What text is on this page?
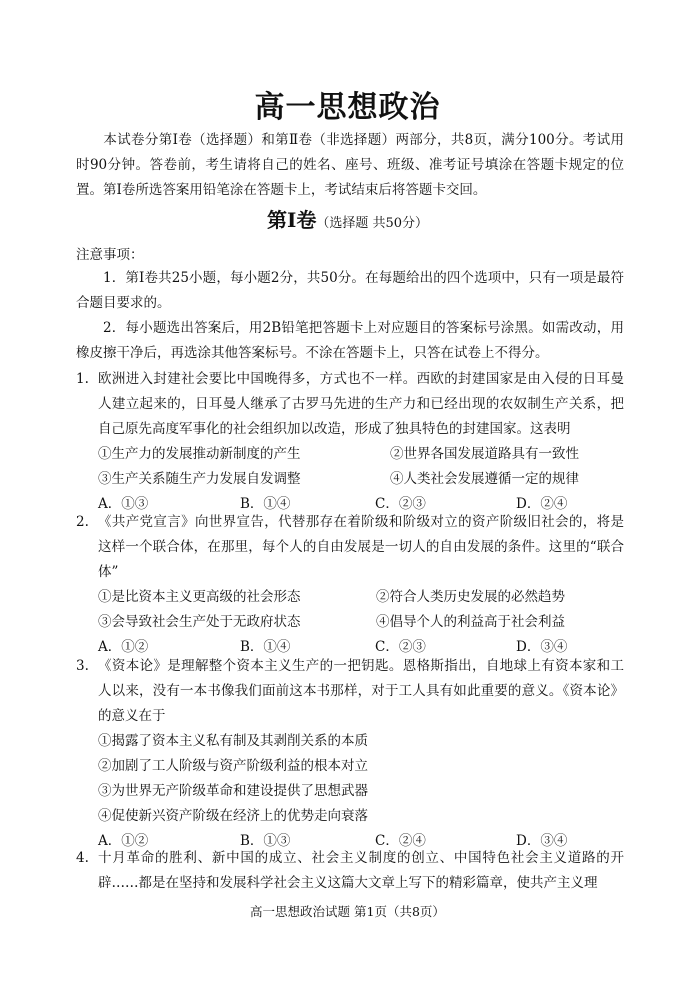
高一思想政治
本试卷分第Ⅰ卷（选择题）和第Ⅱ卷（非选择题）两部分，共8页，满分100分。考试用时90分钟。答卷前，考生请将自己的姓名、座号、班级、准考证号填涂在答题卡规定的位置。第Ⅰ卷所选答案用铅笔涂在答题卡上，考试结束后将答题卡交回。
第Ⅰ卷（选择题 共50分）
注意事项：
1．第Ⅰ卷共25小题，每小题2分，共50分。在每题给出的四个选项中，只有一项是最符合题目要求的。
2．每小题选出答案后，用2B铅笔把答题卡上对应题目的答案标号涂黑。如需改动，用橡皮擦干净后，再选涂其他答案标号。不涂在答题卡上，只答在试卷上不得分。
1. 欧洲进入封建社会要比中国晚得多，方式也不一样。西欧的封建国家是由入侵的日耳曼人建立起来的，日耳曼人继承了古罗马先进的生产力和已经出现的农奴制生产关系，把自己原先高度军事化的社会组织加以改造，形成了独具特色的封建国家。这表明
①生产力的发展推动新制度的产生	②世界各国发展道路具有一致性
③生产关系随生产力发展自发调整	④人类社会发展遵循一定的规律
A．①③	B．①④	C．②③	D．②④
2. 《共产党宣言》向世界宣告，代替那存在着阶级和阶级对立的资产阶级旧社会的，将是这样一个联合体，在那里，每个人的自由发展是一切人的自由发展的条件。这里的“联合体”
①是比资本主义更高级的社会形态	②符合人类历史发展的必然趋势
③会导致社会生产处于无政府状态	④倡导个人的利益高于社会利益
A．①②	B．①④	C．②③	D．③④
3. 《资本论》是理解整个资本主义生产的一把钥匙。恩格斯指出，自地球上有资本家和工人以来，没有一本书像我们面前这本书那样，对于工人具有如此重要的意义。《资本论》的意义在于
①揭露了资本主义私有制及其剥削关系的本质
②加剧了工人阶级与资产阶级利益的根本对立
③为世界无产阶级革命和建设提供了思想武器
④促使新兴资产阶级在经济上的优势走向衰落
A．①②	B．①③	C．②④	D．③④
4. 十月革命的胜利、新中国的成立、社会主义制度的创立、中国特色社会主义道路的开辟……都是在坚持和发展科学社会主义这篇大文章上写下的精彩篇章，使共产主义理
高一思想政治试题 第1页（共8页）
